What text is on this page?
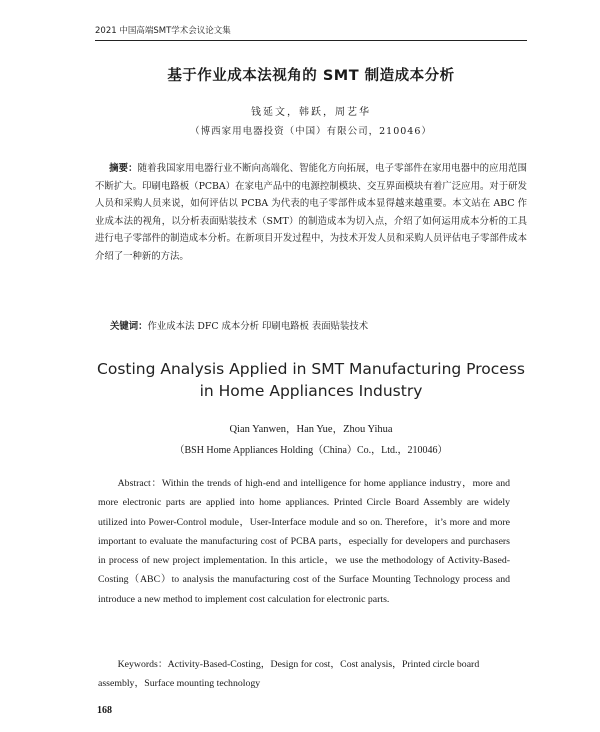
2021 中国高端SMT学术会议论文集
基于作业成本法视角的 SMT 制造成本分析
钱延文，韩跃，周艺华
（博西家用电器投资（中国）有限公司，210046）
摘要：随着我国家用电器行业不断向高端化、智能化方向拓展，电子零部件在家用电器中的应用范围不断扩大。印刷电路板（PCBA）在家电产品中的电源控制模块、交互界面模块有着广泛应用。对于研发人员和采购人员来说，如何评估以 PCBA 为代表的电子零部件成本显得越来越重要。本文站在 ABC 作业成本法的视角，以分析表面贴装技术（SMT）的制造成本为切入点，介绍了如何运用成本分析的工具进行电子零部件的制造成本分析。在新项目开发过程中，为技术开发人员和采购人员评估电子零部件成本介绍了一种新的方法。
关键词：作业成本法 DFC 成本分析 印刷电路板 表面贴装技术
Costing Analysis Applied in SMT Manufacturing Process in Home Appliances Industry
Qian Yanwen，Han Yue，Zhou Yihua
（BSH Home Appliances Holding（China）Co.，Ltd.，210046）
Abstract：Within the trends of high-end and intelligence for home appliance industry，more and more electronic parts are applied into home appliances. Printed Circle Board Assembly are widely utilized into Power-Control module，User-Interface module and so on. Therefore，it’s more and more important to evaluate the manufacturing cost of PCBA parts，especially for developers and purchasers in process of new project implementation. In this article，we use the methodology of Activity-Based-Costing（ABC）to analysis the manufacturing cost of the Surface Mounting Technology process and introduce a new method to implement cost calculation for electronic parts.
Keywords：Activity-Based-Costing，Design for cost，Cost analysis，Printed circle board assembly，Surface mounting technology
168
